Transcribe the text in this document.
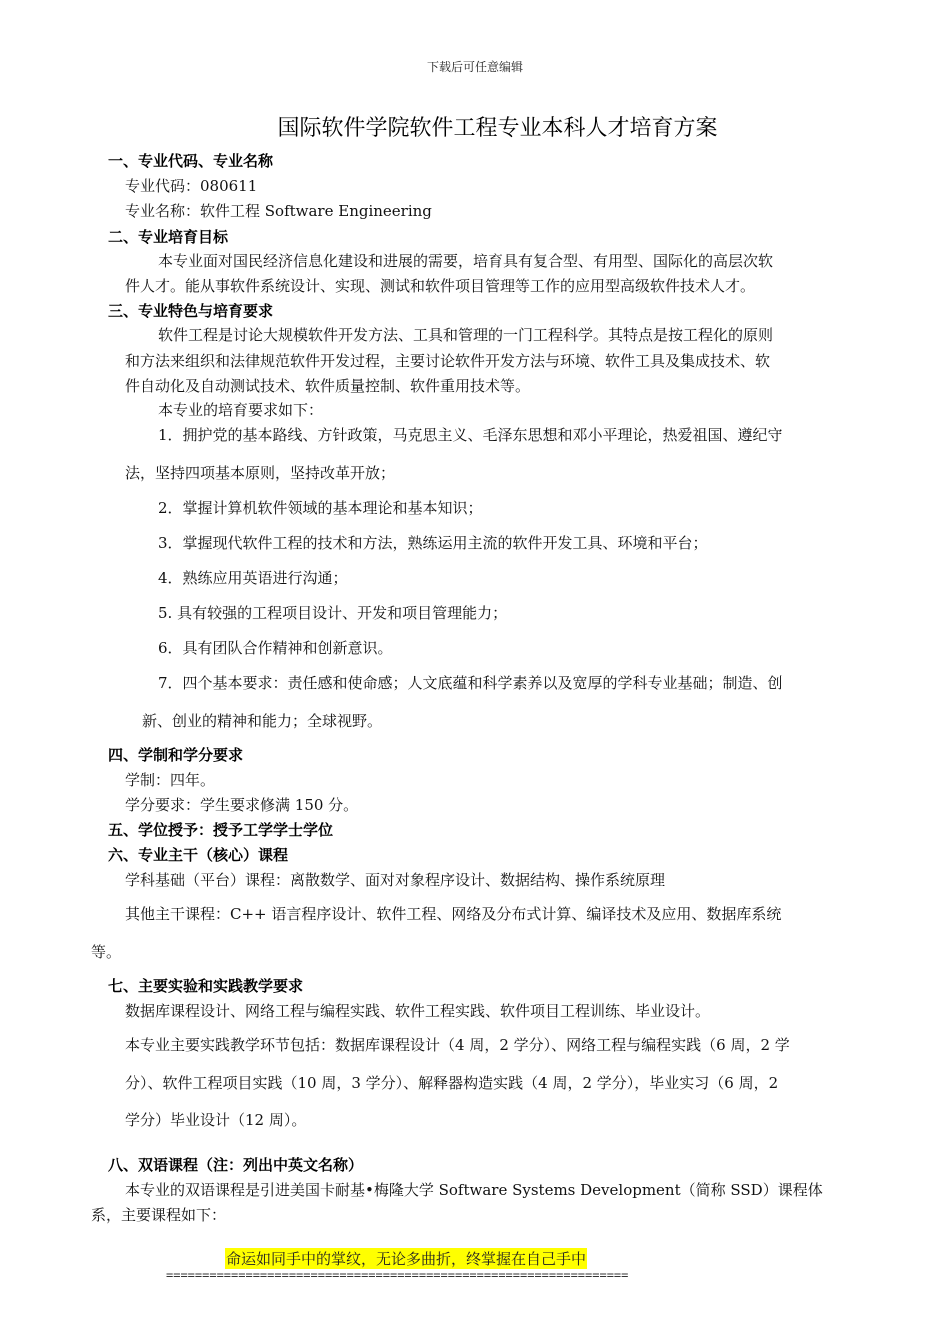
下载后可任意编辑
国际软件学院软件工程专业本科人才培育方案
一、专业代码、专业名称
专业代码：080611
专业名称：软件工程 Software Engineering
二、专业培育目标
本专业面对国民经济信息化建设和进展的需要，培育具有复合型、有用型、国际化的高层次软
件人才。能从事软件系统设计、实现、测试和软件项目管理等工作的应用型高级软件技术人才。
三、专业特色与培育要求
软件工程是讨论大规模软件开发方法、工具和管理的一门工程科学。其特点是按工程化的原则
和方法来组织和法律规范软件开发过程，主要讨论软件开发方法与环境、软件工具及集成技术、软
件自动化及自动测试技术、软件质量控制、软件重用技术等。
本专业的培育要求如下：
1．拥护党的基本路线、方针政策，马克思主义、毛泽东思想和邓小平理论，热爱祖国、遵纪守
法，坚持四项基本原则，坚持改革开放；
2．掌握计算机软件领域的基本理论和基本知识；
3．掌握现代软件工程的技术和方法，熟练运用主流的软件开发工具、环境和平台；
4．熟练应用英语进行沟通；
5. 具有较强的工程项目设计、开发和项目管理能力；
6．具有团队合作精神和创新意识。
7．四个基本要求：责任感和使命感；人文底蕴和科学素养以及宽厚的学科专业基础；制造、创
新、创业的精神和能力；全球视野。
四、学制和学分要求
学制：四年。
学分要求：学生要求修满 150 分。
五、学位授予：授予工学学士学位
六、专业主干（核心）课程
学科基础（平台）课程：离散数学、面对对象程序设计、数据结构、操作系统原理
其他主干课程：C++ 语言程序设计、软件工程、网络及分布式计算、编译技术及应用、数据库系统
等。
七、主要实验和实践教学要求
数据库课程设计、网络工程与编程实践、软件工程实践、软件项目工程训练、毕业设计。
本专业主要实践教学环节包括：数据库课程设计（4 周，2 学分）、网络工程与编程实践（6 周，2 学
分）、软件工程项目实践（10 周，3 学分）、解释器构造实践（4 周，2 学分），毕业实习（6 周，2
学分）毕业设计（12 周）。
八、双语课程（注：列出中英文名称）
本专业的双语课程是引进美国卡耐基•梅隆大学 Software Systems Development（简称 SSD）课程体
系，主要课程如下：
命运如同手中的掌纹，无论多曲折，终掌握在自己手中
================================================================
